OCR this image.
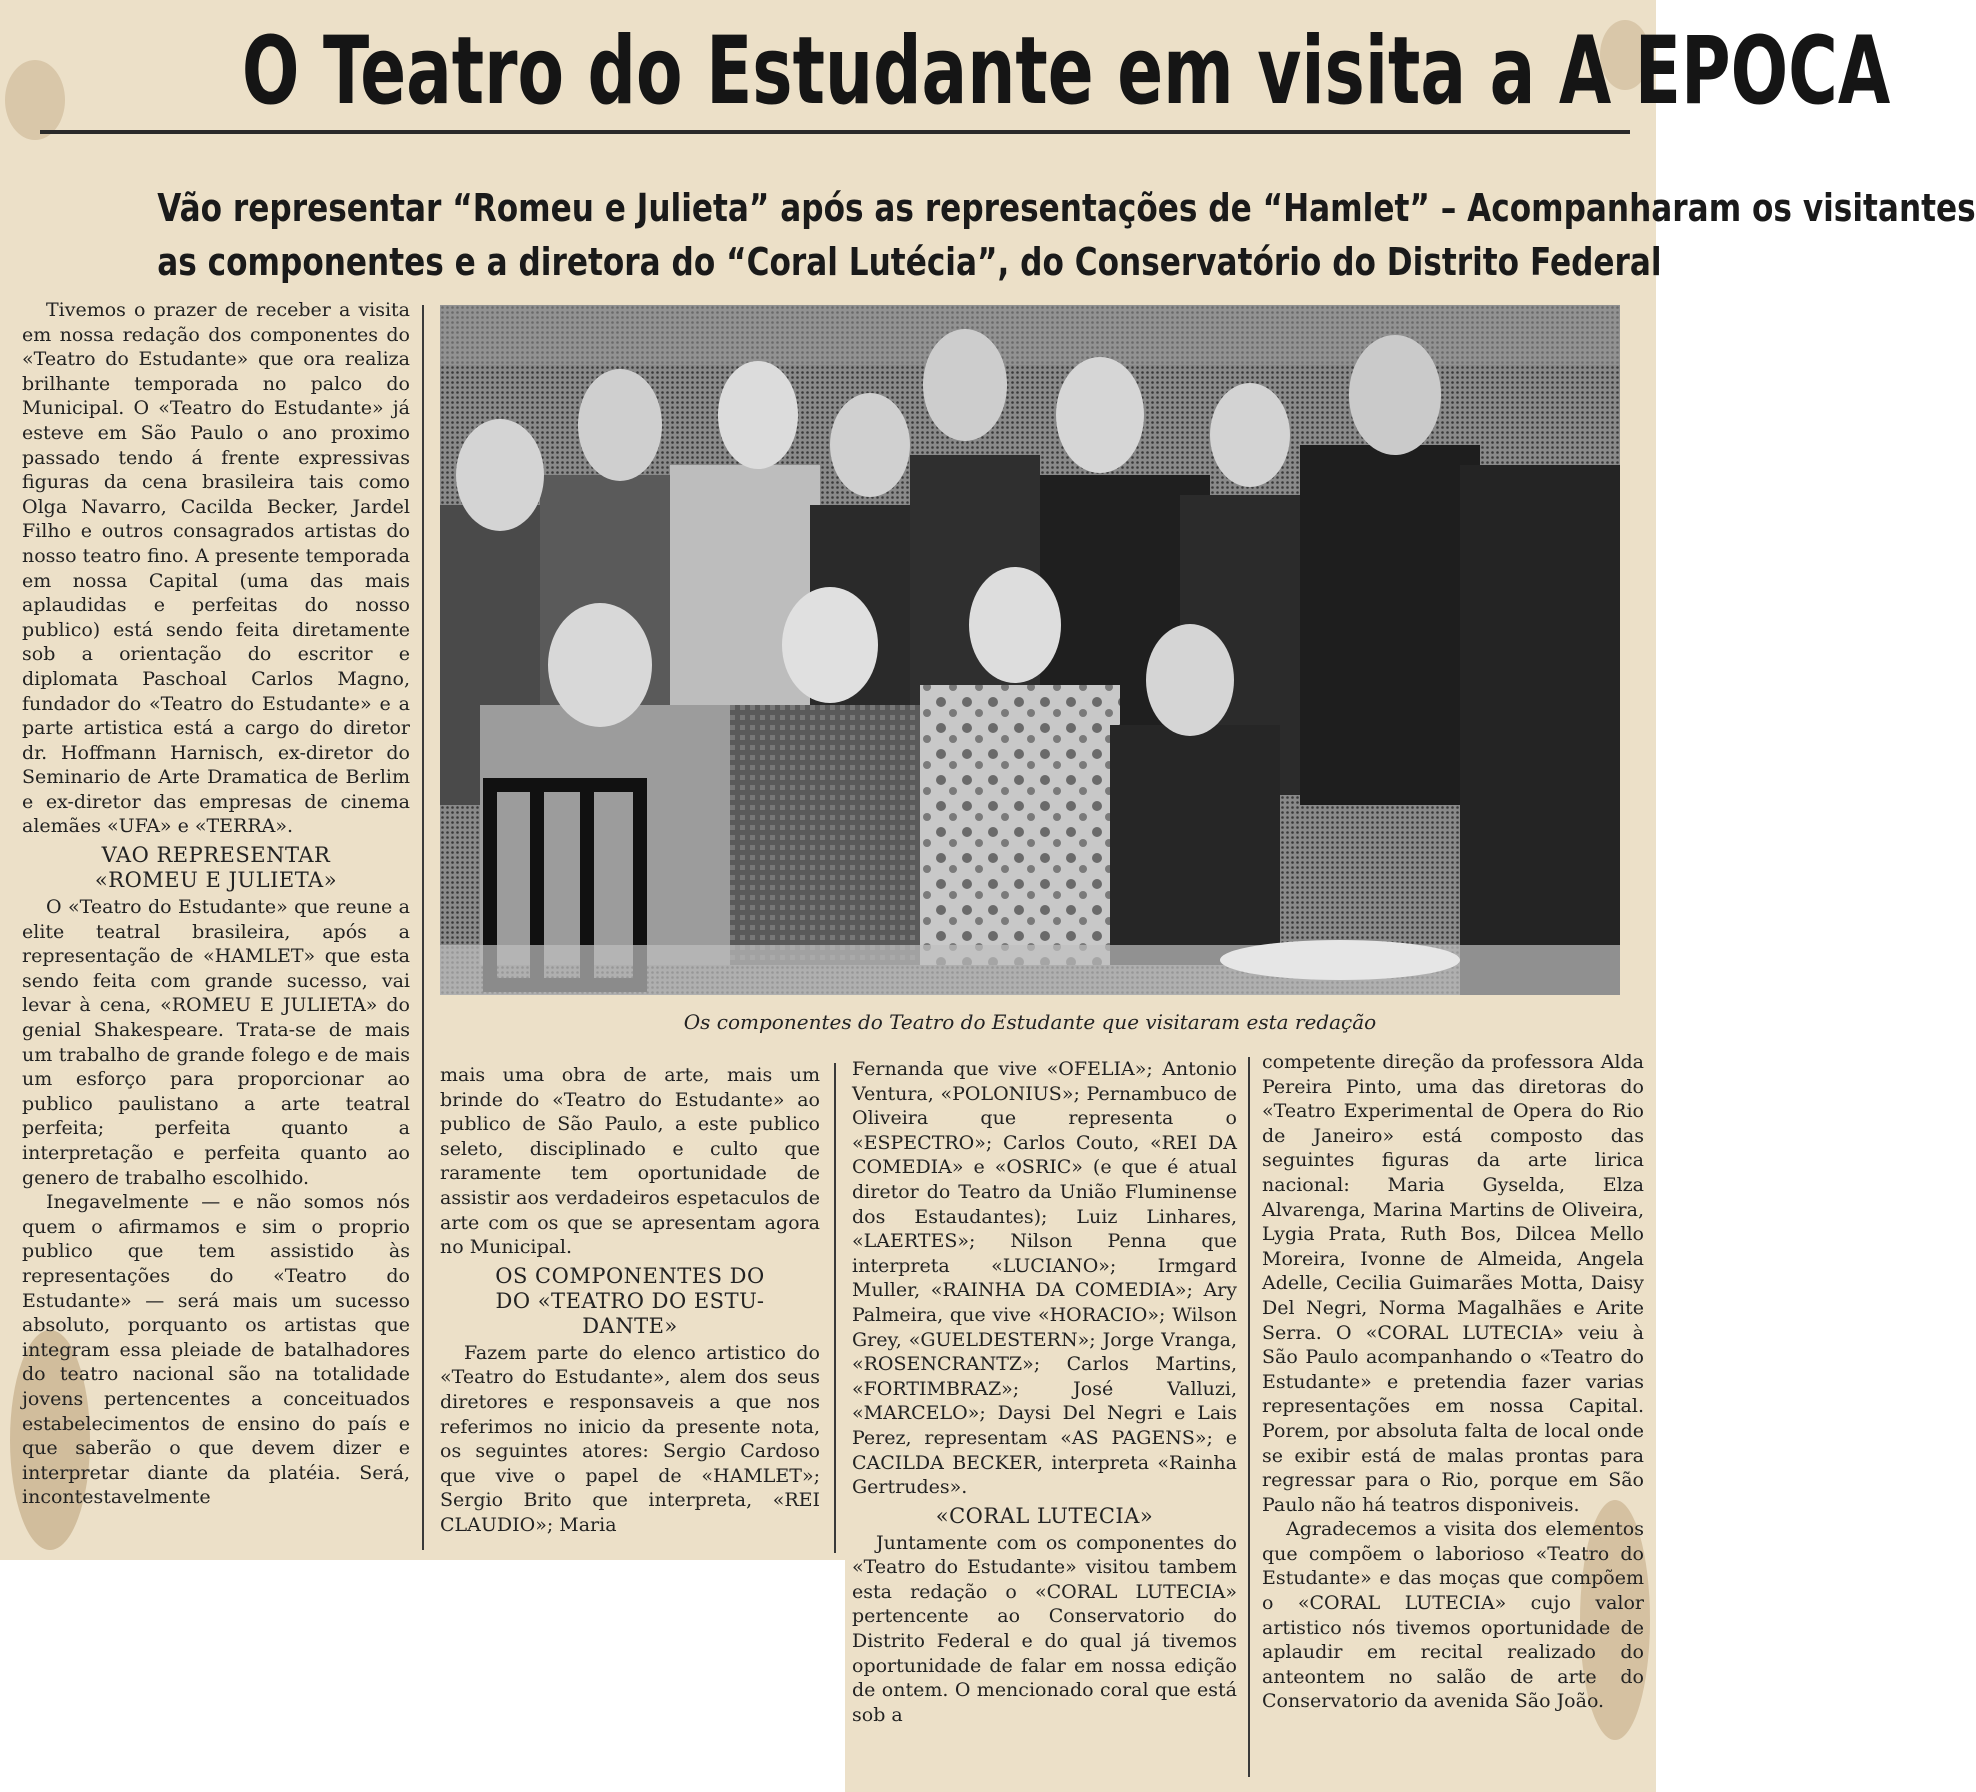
O Teatro do Estudante em visita a A EPOCA
Vão representar “Romeu e Julieta” após as representações de “Hamlet” – Acompanharam os visitantes
as componentes e a diretora do “Coral Lutécia”, do Conservatório do Distrito Federal

Tivemos o prazer de receber a visita em nossa redação dos componentes do «Teatro do Estudante» que ora realiza brilhante temporada no palco do Municipal. O «Teatro do Estudante» já esteve em São Paulo o ano proximo passado tendo á frente expressivas figuras da cena brasileira tais como Olga Navarro, Cacilda Becker, Jardel Filho e outros consagrados artistas do nosso teatro fino. A presente temporada em nossa Capital (uma das mais aplaudidas e perfeitas do nosso publico) está sendo feita diretamente sob a orientação do escritor e diplomata Paschoal Carlos Magno, fundador do «Teatro do Estudante» e a parte artistica está a cargo do diretor dr. Hoffmann Harnisch, ex-diretor do Seminario de Arte Dramatica de Berlim e ex-diretor das empresas de cinema alemães «UFA» e «TERRA».

VAO REPRESENTAR
«ROMEU E JULIETA»

O «Teatro do Estudante» que reune a elite teatral brasileira, após a representação de «HAMLET» que esta sendo feita com grande sucesso, vai levar à cena, «ROMEU E JULIETA» do genial Shakespeare. Trata-se de mais um trabalho de grande folego e de mais um esforço para proporcionar ao publico paulistano a arte teatral perfeita; perfeita quanto a interpretação e perfeita quanto ao genero de trabalho escolhido.

Inegavelmente — e não somos nós quem o afirmamos e sim o proprio publico que tem assistido às representações do «Teatro do Estudante» — será mais um sucesso absoluto, porquanto os artistas que integram essa pleiade de batalhadores do teatro nacional são na totalidade jovens pertencentes a conceituados estabelecimentos de ensino do país e que saberão o que devem dizer e interpretar diante da platéia. Será, incontestavelmente

Os componentes do Teatro do Estudante que visitaram esta redação

mais uma obra de arte, mais um brinde do «Teatro do Estudante» ao publico de São Paulo, a este publico seleto, disciplinado e culto que raramente tem oportunidade de assistir aos verdadeiros espetaculos de arte com os que se apresentam agora no Municipal.

OS COMPONENTES DO
DO «TEATRO DO ESTU-
DANTE»

Fazem parte do elenco artistico do «Teatro do Estudante», alem dos seus diretores e responsaveis a que nos referimos no inicio da presente nota, os seguintes atores: Sergio Cardoso que vive o papel de «HAMLET»; Sergio Brito que interpreta, «REI CLAUDIO»; Maria

Fernanda que vive «OFELIA»; Antonio Ventura, «POLONIUS»; Pernambuco de Oliveira que representa o «ESPECTRO»; Carlos Couto, «REI DA COMEDIA» e «OSRIC» (e que é atual diretor do Teatro da União Fluminense dos Estaudantes); Luiz Linhares, «LAERTES»; Nilson Penna que interpreta «LUCIANO»; Irmgard Muller, «RAINHA DA COMEDIA»; Ary Palmeira, que vive «HORACIO»; Wilson Grey, «GUELDESTERN»; Jorge Vranga, «ROSENCRANTZ»; Carlos Martins, «FORTIMBRAZ»; José Valluzi, «MARCELO»; Daysi Del Negri e Lais Perez, representam «AS PAGENS»; e CACILDA BECKER, interpreta «Rainha Gertrudes».

«CORAL LUTECIA»

Juntamente com os componentes do «Teatro do Estudante» visitou tambem esta redação o «CORAL LUTECIA» pertencente ao Conservatorio do Distrito Federal e do qual já tivemos oportunidade de falar em nossa edição de ontem. O mencionado coral que está sob a

competente direção da professora Alda Pereira Pinto, uma das diretoras do «Teatro Experimental de Opera do Rio de Janeiro» está composto das seguintes figuras da arte lirica nacional: Maria Gyselda, Elza Alvarenga, Marina Martins de Oliveira, Lygia Prata, Ruth Bos, Dilcea Mello Moreira, Ivonne de Almeida, Angela Adelle, Cecilia Guimarães Motta, Daisy Del Negri, Norma Magalhães e Arite Serra. O «CORAL LUTECIA» veiu à São Paulo acompanhando o «Teatro do Estudante» e pretendia fazer varias representações em nossa Capital. Porem, por absoluta falta de local onde se exibir está de malas prontas para regressar para o Rio, porque em São Paulo não há teatros disponiveis.

Agradecemos a visita dos elementos que compõem o laborioso «Teatro do Estudante» e das moças que compõem o «CORAL LUTECIA» cujo valor artistico nós tivemos oportunidade de aplaudir em recital realizado do anteontem no salão de arte do Conservatorio da avenida São João.
